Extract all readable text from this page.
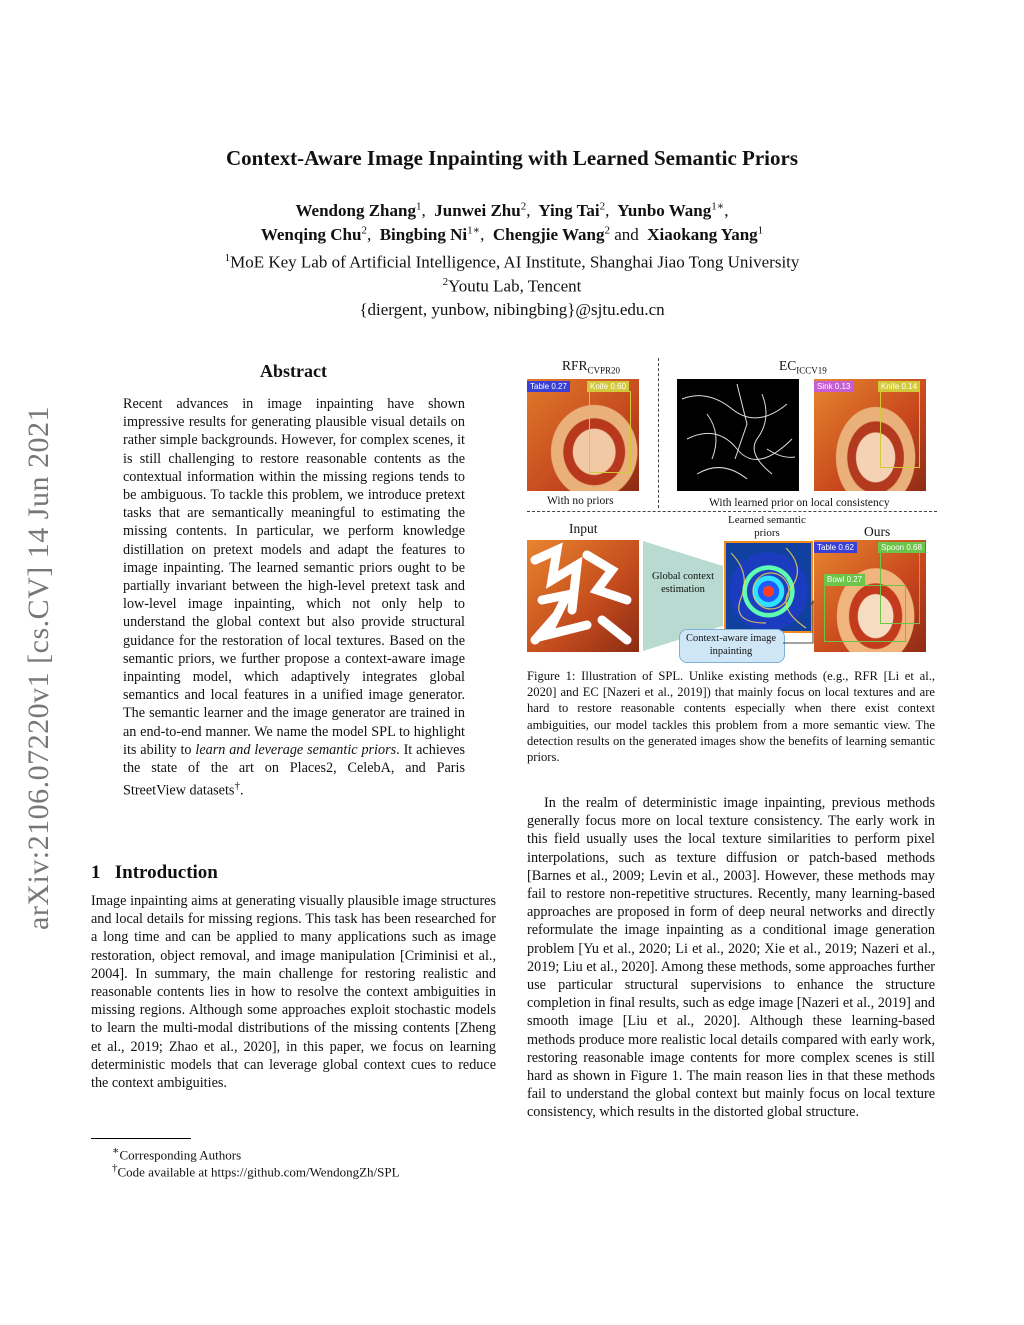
Context-Aware Image Inpainting with Learned Semantic Priors
Wendong Zhang$^1$, Junwei Zhu$^2$, Ying Tai$^2$, Yunbo Wang$^{1∗}$,
Wenqing Chu$^2$, Bingbing $Ni^{1∗}$, Chengjie Wang$^2$ and Xiaokang Yang$^1$
$^1$MoE Key Lab of Artificial Intelligence, AI Institute, Shanghai Jiao Tong University
$^2$Youtu Lab, Tencent
{diergent, yunbow, nibingbing}@sjtu.edu.cn
arXiv:2106.07220v1 [cs.CV] 14 Jun 2021
Abstract
Recent advances in image inpainting have shown impressive results for generating plausible visual details on rather simple backgrounds. However, for complex scenes, it is still challenging to restore reasonable contents as the contextual information within the missing regions tends to be ambiguous. To tackle this problem, we introduce pretext tasks that are semantically meaningful to estimating the missing contents. In particular, we perform knowledge distillation on pretext models and adapt the features to image inpainting. The learned semantic priors ought to be partially invariant between the high-level pretext task and low-level image inpainting, which not only help to understand the global context but also provide structural guidance for the restoration of local textures. Based on the semantic priors, we further propose a context-aware image inpainting model, which adaptively integrates global semantics and local features in a unified image generator. The semantic learner and the image generator are trained in an end-to-end manner. We name the model SPL to highlight its ability to learn and leverage semantic priors. It achieves the state of the art on Places2, CelebA, and Paris StreetView datasets†.
1 Introduction
Image inpainting aims at generating visually plausible image structures and local details for missing regions. This task has been researched for a long time and can be applied to many applications such as image restoration, object removal, and image manipulation [Criminisi et al., 2004]. In summary, the main challenge for restoring realistic and reasonable contents lies in how to resolve the context ambiguities in missing regions. Although some approaches exploit stochastic models to learn the multi-modal distributions of the missing contents [Zheng et al., 2019; Zhao et al., 2020], in this paper, we focus on learning deterministic models that can leverage global context cues to reduce the context ambiguities.
∗Corresponding Authors
†Code available at https://github.com/WendongZh/SPL
$RFR_{CVPR20}$	$EC_{ICCV19}$
Table 0.27	Knife 0.60	Sink 0.13	Knife 0.14
With no priors	With learned prior on local consistency
Input
Learned semantic priors	Ours
Global context estimation
Context-aware image inpainting
Table 0.62	Spoon 0.68
Bowl 0.27
Figure 1: Illustration of SPL. Unlike existing methods (e.g., RFR [Li et al., 2020] and EC [Nazeri et al., 2019]) that mainly focus on local textures and are hard to restore reasonable contents especially when there exist context ambiguities, our model tackles this problem from a more semantic view. The detection results on the generated images show the benefits of learning semantic priors.
In the realm of deterministic image inpainting, previous methods generally focus more on local texture consistency. The early work in this field usually uses the local texture similarities to perform pixel interpolations, such as texture diffusion or patch-based methods [Barnes et al., 2009; Levin et al., 2003]. However, these methods may fail to restore non-repetitive structures. Recently, many learning-based approaches are proposed in form of deep neural networks and directly reformulate the image inpainting as a conditional image generation problem [Yu et al., 2020; Li et al., 2020; Xie et al., 2019; Nazeri et al., 2019; Liu et al., 2020]. Among these methods, some approaches further use particular structural supervisions to enhance the structure completion in final results, such as edge image [Nazeri et al., 2019] and smooth image [Liu et al., 2020]. Although these learning-based methods produce more realistic local details compared with early work, restoring reasonable image contents for more complex scenes is still hard as shown in Figure 1. The main reason lies in that these methods fail to understand the global context but mainly focus on local texture consistency, which results in the distorted global structure.
